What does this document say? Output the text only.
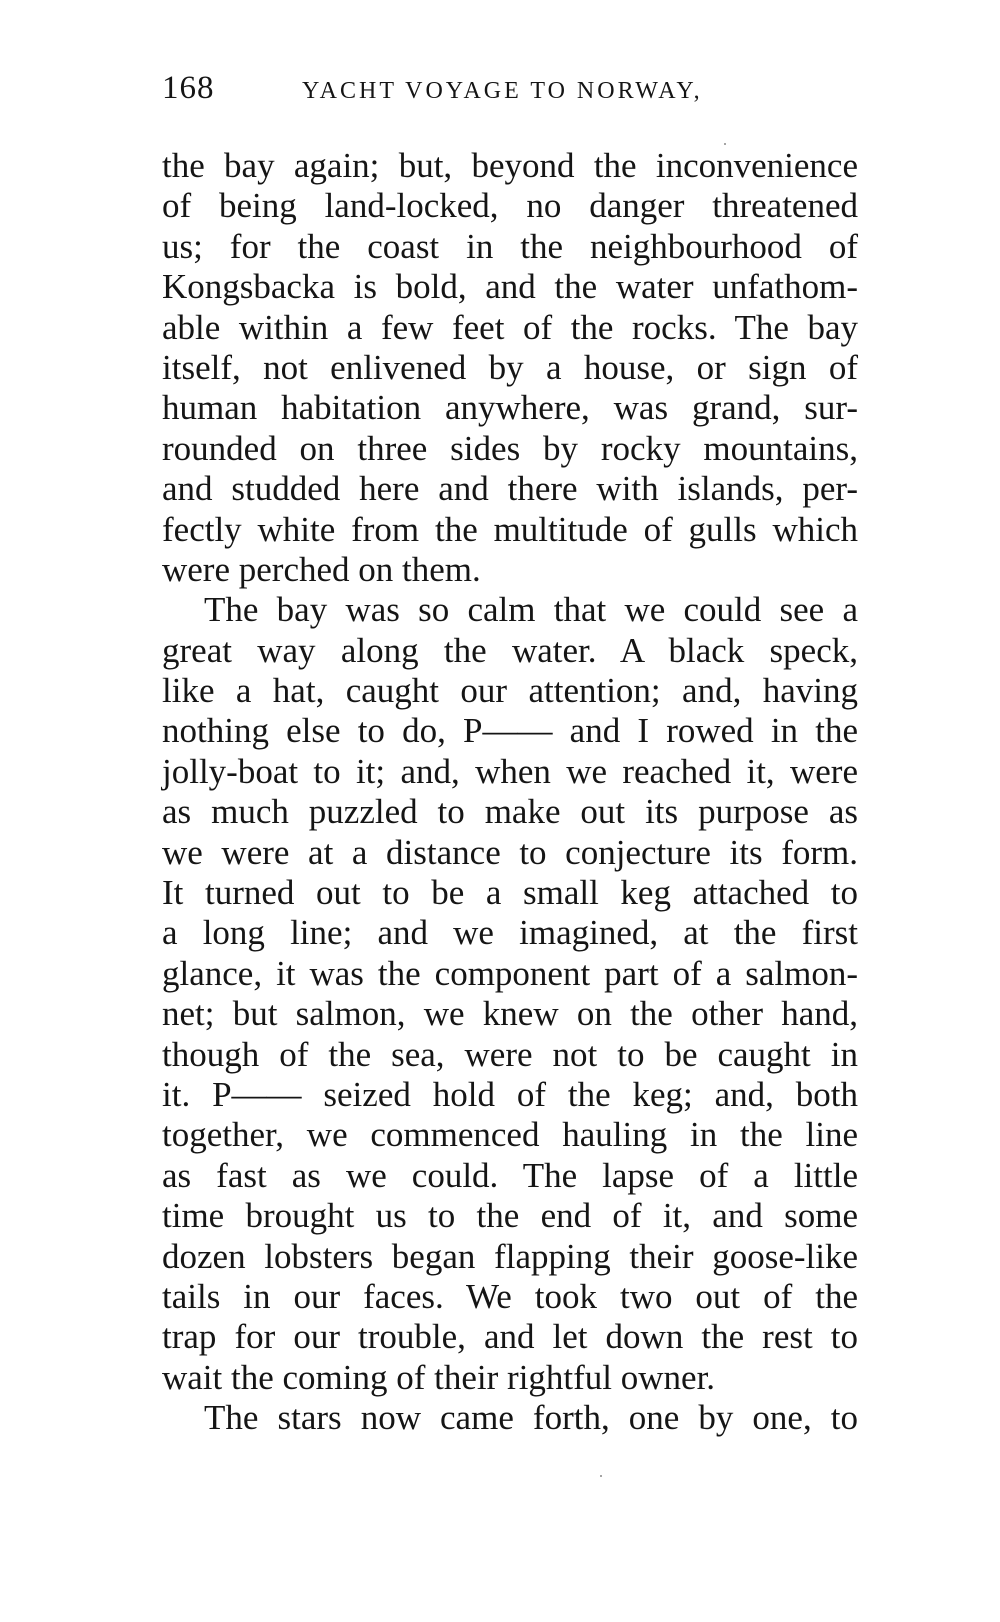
168	YACHT VOYAGE TO NORWAY,
the bay again; but, beyond the inconvenience
of being land-locked, no danger threatened
us; for the coast in the neighbourhood of
Kongsbacka is bold, and the water unfathom-
able within a few feet of the rocks. The bay
itself, not enlivened by a house, or sign of
human habitation anywhere, was grand, sur-
rounded on three sides by rocky mountains,
and studded here and there with islands, per-
fectly white from the multitude of gulls which
were perched on them.
The bay was so calm that we could see a
great way along the water. A black speck,
like a hat, caught our attention; and, having
nothing else to do, P—— and I rowed in the
jolly-boat to it; and, when we reached it, were
as much puzzled to make out its purpose as
we were at a distance to conjecture its form.
It turned out to be a small keg attached to
a long line; and we imagined, at the first
glance, it was the component part of a salmon-
net; but salmon, we knew on the other hand,
though of the sea, were not to be caught in
it. P—— seized hold of the keg; and, both
together, we commenced hauling in the line
as fast as we could. The lapse of a little
time brought us to the end of it, and some
dozen lobsters began flapping their goose-like
tails in our faces. We took two out of the
trap for our trouble, and let down the rest to
wait the coming of their rightful owner.
The stars now came forth, one by one, to
